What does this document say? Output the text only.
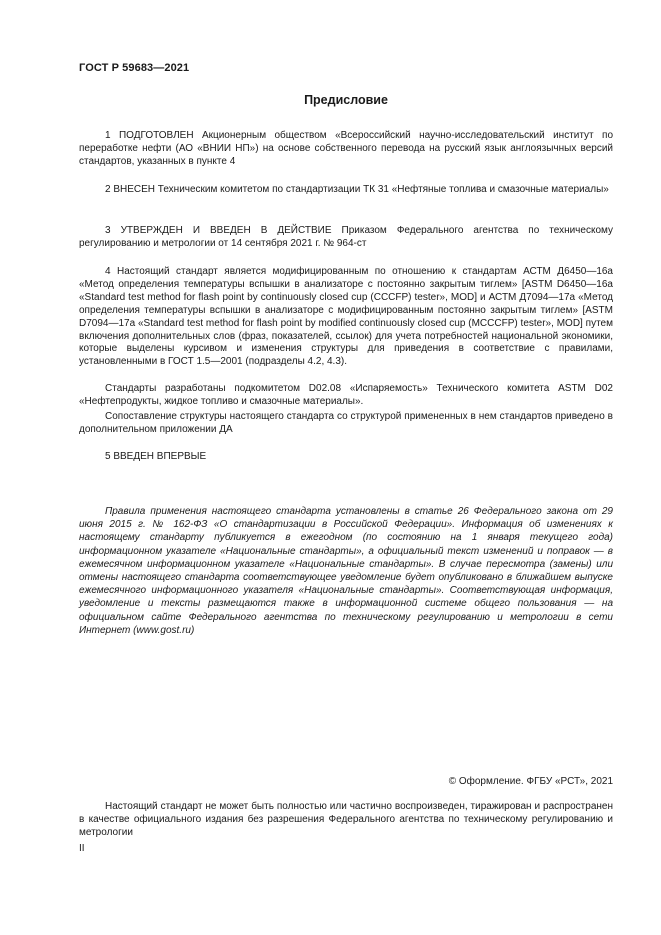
ГОСТ Р 59683—2021
Предисловие

1 ПОДГОТОВЛЕН Акционерным обществом «Всероссийский научно-исследовательский институт по переработке нефти (АО «ВНИИ НП») на основе собственного перевода на русский язык англоязычных версий стандартов, указанных в пункте 4

2 ВНЕСЕН Техническим комитетом по стандартизации ТК 31 «Нефтяные топлива и смазочные материалы»

3 УТВЕРЖДЕН И ВВЕДЕН В ДЕЙСТВИЕ Приказом Федерального агентства по техническому регулированию и метрологии от 14 сентября 2021 г. № 964-ст

4 Настоящий стандарт является модифицированным по отношению к стандартам АСТМ Д6450—16а «Метод определения температуры вспышки в анализаторе с постоянно закрытым тиглем» [ASTM D6450—16a «Standard test method for flash point by continuously closed cup (CCCFP) tester», MOD] и АСТМ Д7094—17а «Метод определения температуры вспышки в анализаторе с модифицированным постоянно закрытым тиглем» [ASTM D7094—17a «Standard test method for flash point by modified continuously closed cup (MCCCFP) tester», MOD] путем включения дополнительных слов (фраз, показателей, ссылок) для учета потребностей национальной экономики, которые выделены курсивом и изменения структуры для приведения в соответствие с правилами, установленными в ГОСТ 1.5—2001 (подразделы 4.2, 4.3).

Стандарты разработаны подкомитетом D02.08 «Испаряемость» Технического комитета ASTM D02 «Нефтепродукты, жидкое топливо и смазочные материалы».

Сопоставление структуры настоящего стандарта со структурой примененных в нем стандартов приведено в дополнительном приложении ДА

5 ВВЕДЕН ВПЕРВЫЕ

Правила применения настоящего стандарта установлены в статье 26 Федерального закона от 29 июня 2015 г. № 162-ФЗ «О стандартизации в Российской Федерации». Информация об изменениях к настоящему стандарту публикуется в ежегодном (по состоянию на 1 января текущего года) информационном указателе «Национальные стандарты», а официальный текст изменений и поправок — в ежемесячном информационном указателе «Национальные стандарты». В случае пересмотра (замены) или отмены настоящего стандарта соответствующее уведомление будет опубликовано в ближайшем выпуске ежемесячного информационного указателя «Национальные стандарты». Соответствующая информация, уведомление и тексты размещаются также в информационной системе общего пользования — на официальном сайте Федерального агентства по техническому регулированию и метрологии в сети Интернет (www.gost.ru)

© Оформление. ФГБУ «РСТ», 2021

Настоящий стандарт не может быть полностью или частично воспроизведен, тиражирован и распространен в качестве официального издания без разрешения Федерального агентства по техническому регулированию и метрологии

II
